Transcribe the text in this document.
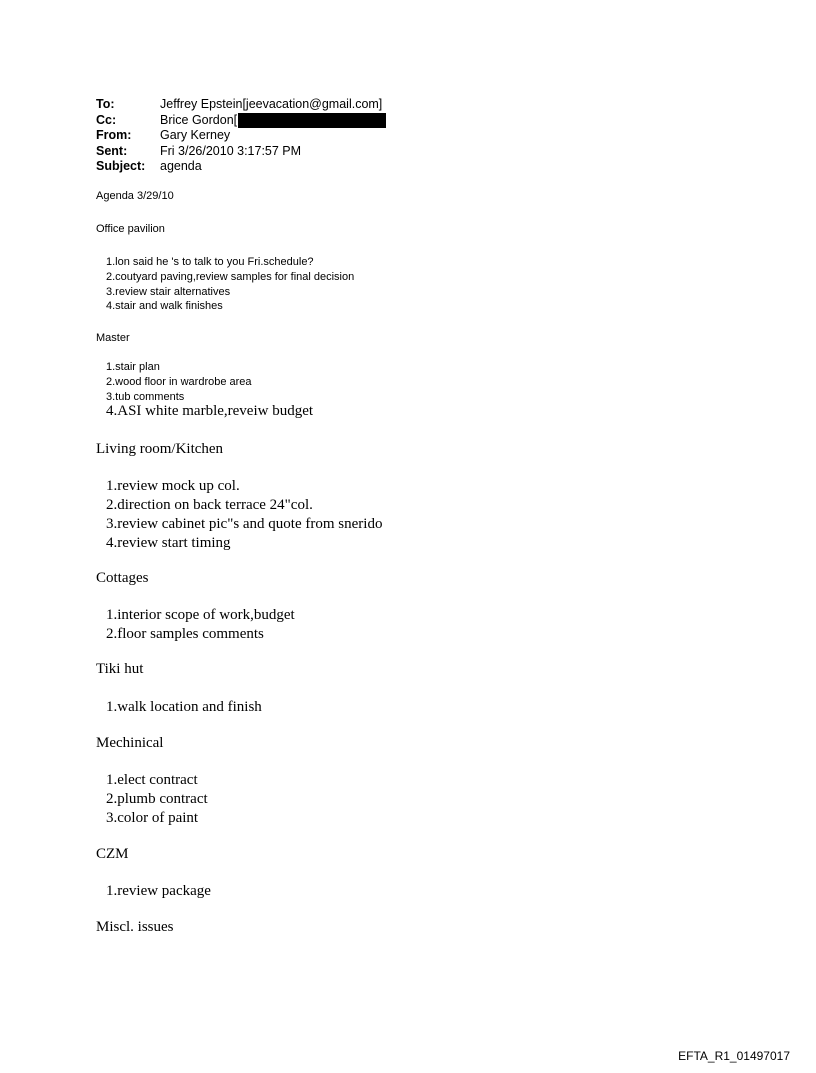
To:	Jeffrey Epstein[jeevacation@gmail.com]
Cc:	Brice Gordon[
From:	Gary Kerney
Sent:	Fri 3/26/2010 3:17:57 PM
Subject:	agenda
Agenda 3/29/10
Office pavilion
1.lon said he 's to talk to you Fri.schedule?
2.coutyard paving,review samples for final decision
3.review stair alternatives
4.stair and walk finishes
Master
1.stair plan
2.wood floor in wardrobe area
3.tub comments
4.ASI white marble,reveiw budget
Living room/Kitchen
1.review mock up col.
2.direction on back terrace 24"col.
3.review cabinet pic"s and quote from snerido
4.review start timing
Cottages
1.interior scope of work,budget
2.floor samples comments
Tiki hut
1.walk location and finish
Mechinical
1.elect contract
2.plumb contract
3.color of paint
CZM
1.review package
Miscl. issues
EFTA_R1_01497017
